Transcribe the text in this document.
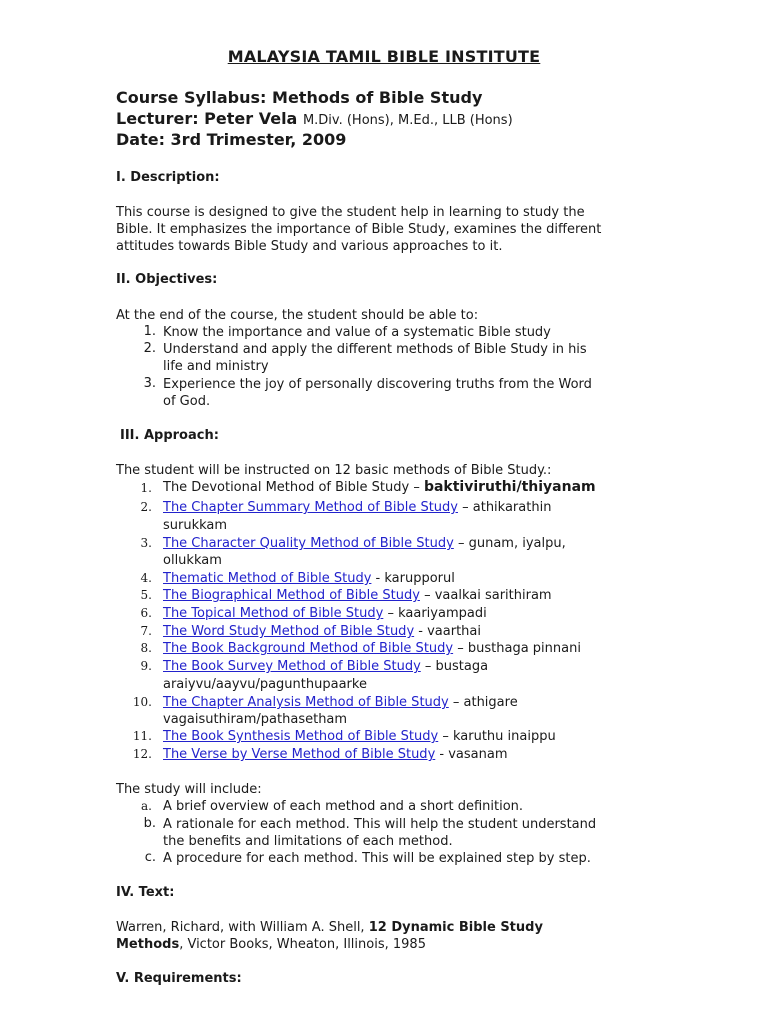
MALAYSIA TAMIL BIBLE INSTITUTE
Course Syllabus: Methods of Bible Study
Lecturer: Peter Vela M.Div. (Hons), M.Ed., LLB (Hons)
Date: 3rd Trimester, 2009
I. Description:
This course is designed to give the student help in learning to study the
Bible. It emphasizes the importance of Bible Study, examines the different
attitudes towards Bible Study and various approaches to it.
II. Objectives:
At the end of the course, the student should be able to:
1. Know the importance and value of a systematic Bible study
2. Understand and apply the different methods of Bible Study in his
life and ministry
3. Experience the joy of personally discovering truths from the Word
of God.
III. Approach:
The student will be instructed on 12 basic methods of Bible Study.:
1. The Devotional Method of Bible Study – baktiviruthi/thiyanam
2. The Chapter Summary Method of Bible Study – athikarathin
surukkam
3. The Character Quality Method of Bible Study – gunam, iyalpu,
ollukkam
4. Thematic Method of Bible Study - karupporul
5. The Biographical Method of Bible Study – vaalkai sarithiram
6. The Topical Method of Bible Study – kaariyampadi
7. The Word Study Method of Bible Study - vaarthai
8. The Book Background Method of Bible Study – busthaga pinnani
9. The Book Survey Method of Bible Study – bustaga
araiyvu/aayvu/pagunthupaarke
10. The Chapter Analysis Method of Bible Study – athigare
vagaisuthiram/pathasetham
11. The Book Synthesis Method of Bible Study – karuthu inaippu
12. The Verse by Verse Method of Bible Study - vasanam
The study will include:
a. A brief overview of each method and a short definition.
b. A rationale for each method. This will help the student understand
the benefits and limitations of each method.
c. A procedure for each method. This will be explained step by step.
IV. Text:
Warren, Richard, with William A. Shell, 12 Dynamic Bible Study
Methods, Victor Books, Wheaton, Illinois, 1985
V. Requirements:
